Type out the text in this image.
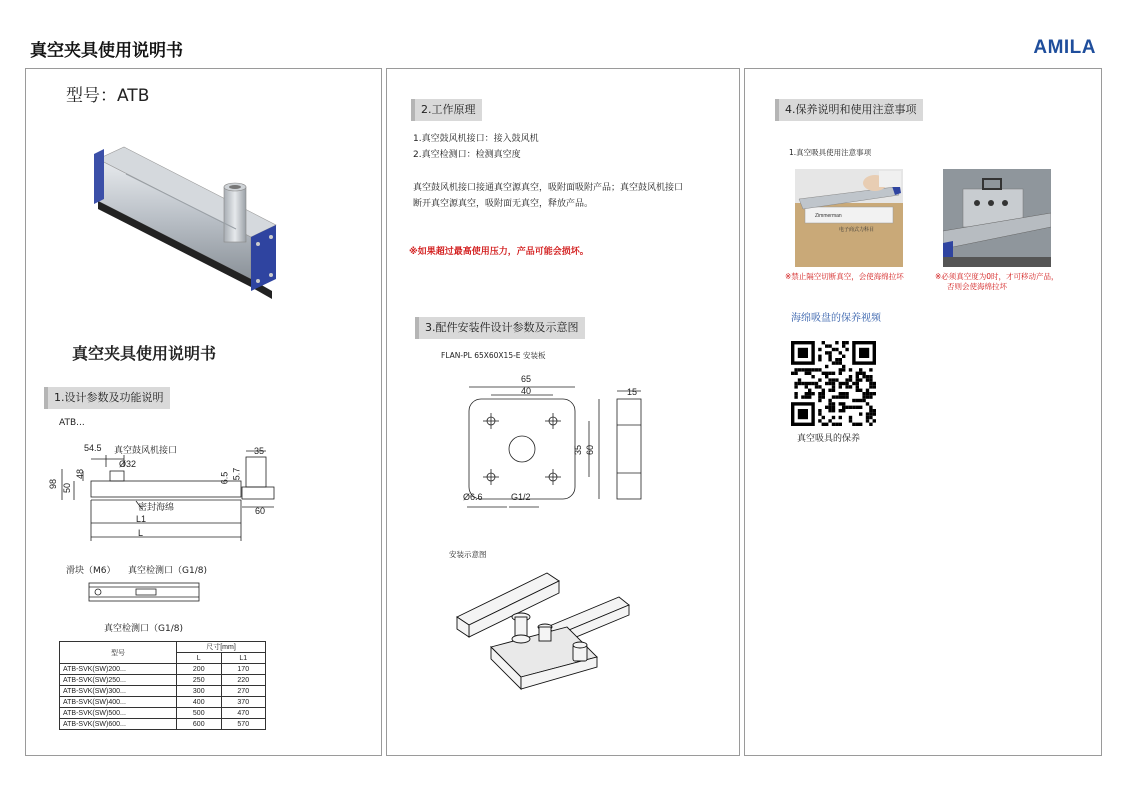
真空夹具使用说明书	AMILA
型号：ATB
真空夹具使用说明书
1.设计参数及功能说明
ATB...
54.5 真空鼓风机接口
Ø32
98 50
48
密封海绵
L1
L
35
6.5 5.7
60
滑块（M6） 真空检测口（G1/8)
真空检测口（G1/8)
型号	尺寸[mm]	
	L	L1
ATB-SVK(SW)200...	200	170
ATB-SVK(SW)250...	250	220
ATB-SVK(SW)300...	300	270
ATB-SVK(SW)400...	400	370
ATB-SVK(SW)500...	500	470
ATB-SVK(SW)600...	600	570
2.工作原理
1.真空鼓风机接口：接入鼓风机
2.真空检测口：检测真空度
真空鼓风机接口接通真空源真空，吸附面吸附产品；真空鼓风机接口
断开真空源真空，吸附面无真空，释放产品。
※如果超过最高使用压力，产品可能会损坏。
3.配件安装件设计参数及示意图
FLAN-PL 65X60X15-E 安装板
65
40
35 60
15
Ø6.6	G1/2
安装示意图
4.保养说明和使用注意事项
1.真空吸具使用注意事项
Zimmerman
电子商式力科目
※禁止隔空切断真空，会使海绵拉坏	※必须真空度为0时，才可移动产品，
否则会使海绵拉坏
海绵吸盘的保养视频
真空吸具的保养
